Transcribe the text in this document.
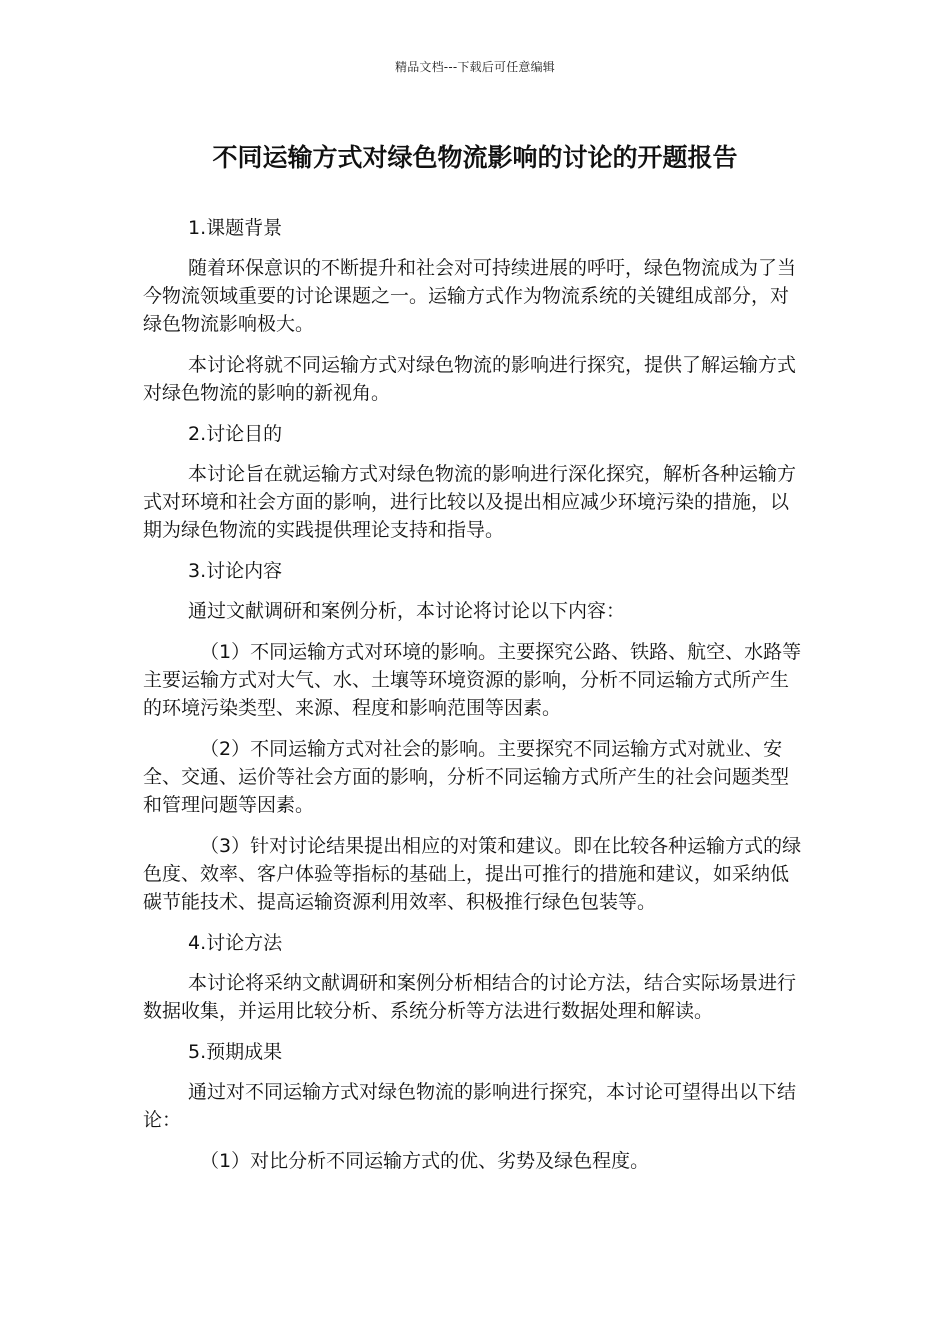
精品文档---下载后可任意编辑
不同运输方式对绿色物流影响的讨论的开题报告

1.课题背景

随着环保意识的不断提升和社会对可持续进展的呼吁，绿色物流成为了当今物流领域重要的讨论课题之一。运输方式作为物流系统的关键组成部分，对绿色物流影响极大。

本讨论将就不同运输方式对绿色物流的影响进行探究，提供了解运输方式对绿色物流的影响的新视角。

2.讨论目的

本讨论旨在就运输方式对绿色物流的影响进行深化探究，解析各种运输方式对环境和社会方面的影响，进行比较以及提出相应减少环境污染的措施，以期为绿色物流的实践提供理论支持和指导。

3.讨论内容

通过文献调研和案例分析，本讨论将讨论以下内容：

（1）不同运输方式对环境的影响。主要探究公路、铁路、航空、水路等主要运输方式对大气、水、土壤等环境资源的影响，分析不同运输方式所产生的环境污染类型、来源、程度和影响范围等因素。

（2）不同运输方式对社会的影响。主要探究不同运输方式对就业、安全、交通、运价等社会方面的影响，分析不同运输方式所产生的社会问题类型和管理问题等因素。

（3）针对讨论结果提出相应的对策和建议。即在比较各种运输方式的绿色度、效率、客户体验等指标的基础上，提出可推行的措施和建议，如采纳低碳节能技术、提高运输资源利用效率、积极推行绿色包装等。

4.讨论方法

本讨论将采纳文献调研和案例分析相结合的讨论方法，结合实际场景进行数据收集，并运用比较分析、系统分析等方法进行数据处理和解读。

5.预期成果

通过对不同运输方式对绿色物流的影响进行探究，本讨论可望得出以下结论：

（1）对比分析不同运输方式的优、劣势及绿色程度。
